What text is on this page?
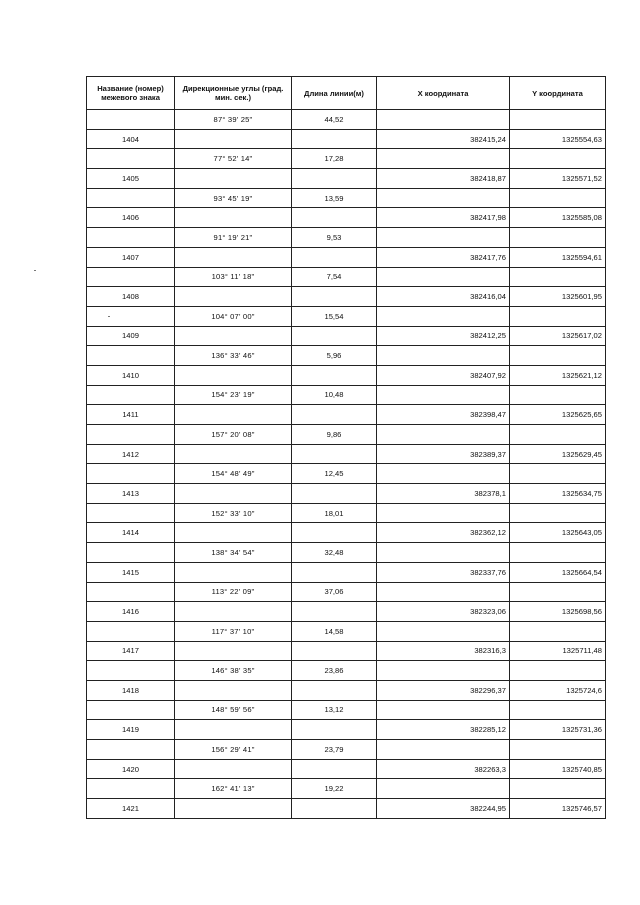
Название (номер) межевого знака	Дирекционные углы (град. мин. сек.)	Длина линии(м)	X координата	Y координата
	87° 39' 25"	44,52		
1404			382415,24	1325554,63
	77° 52' 14"	17,28		
1405			382418,87	1325571,52
	93° 45' 19"	13,59		
1406			382417,98	1325585,08
	91° 19' 21"	9,53		
1407			382417,76	1325594,61
	103° 11' 18"	7,54		
1408			382416,04	1325601,95
	104° 07' 00"	15,54		
1409			382412,25	1325617,02
	136° 33' 46"	5,96		
1410			382407,92	1325621,12
	154° 23' 19"	10,48		
1411			382398,47	1325625,65
	157° 20' 08"	9,86		
1412			382389,37	1325629,45
	154° 48' 49"	12,45		
1413			382378,1	1325634,75
	152° 33' 10"	18,01		
1414			382362,12	1325643,05
	138° 34' 54"	32,48		
1415			382337,76	1325664,54
	113° 22' 09"	37,06		
1416			382323,06	1325698,56
	117° 37' 10"	14,58		
1417			382316,3	1325711,48
	146° 38' 35"	23,86		
1418			382296,37	1325724,6
	148° 59' 56"	13,12		
1419			382285,12	1325731,36
	156° 29' 41"	23,79		
1420			382263,3	1325740,85
	162° 41' 13"	19,22		
1421			382244,95	1325746,57
